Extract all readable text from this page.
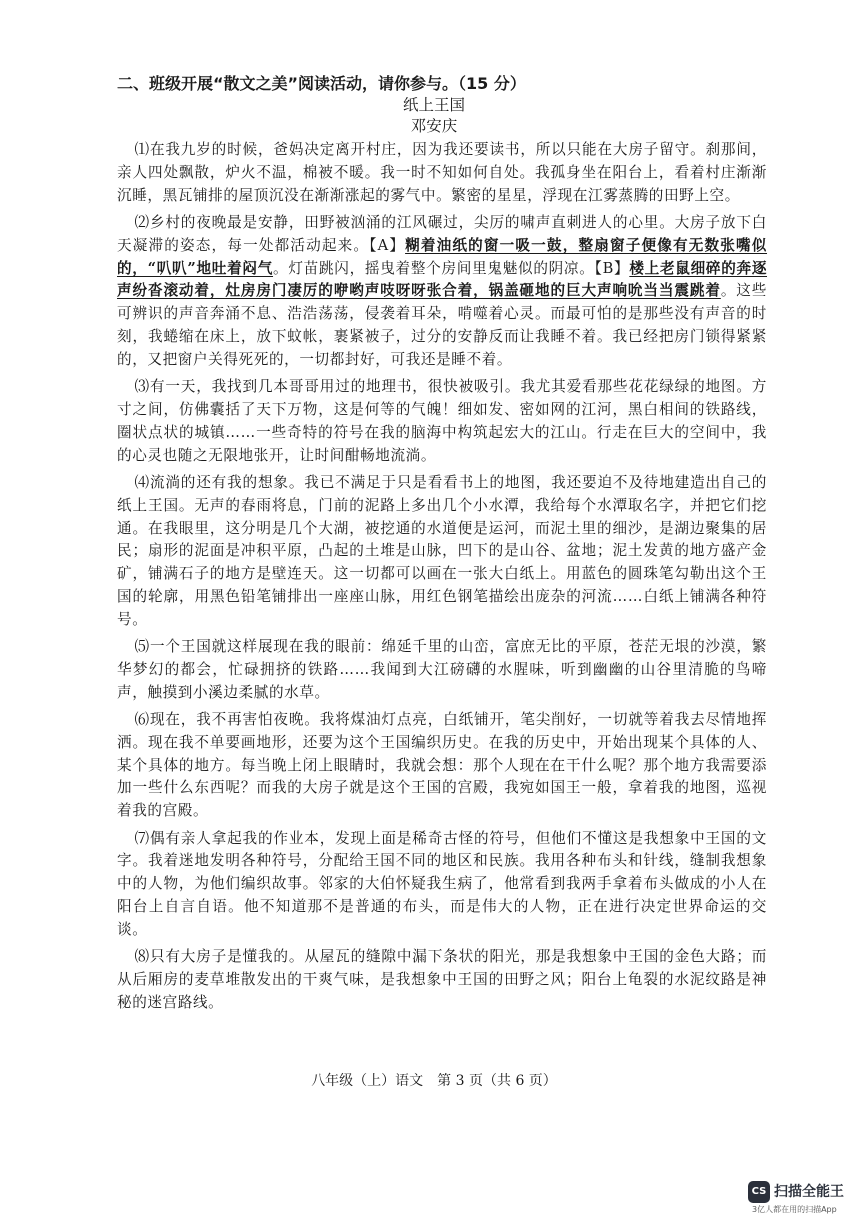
二、班级开展“散文之美”阅读活动，请你参与。（15 分）
纸上王国
邓安庆

⑴在我九岁的时候，爸妈决定离开村庄，因为我还要读书，所以只能在大房子留守。刹那间，亲人四处飘散，炉火不温，棉被不暖。我一时不知如何自处。我孤身坐在阳台上，看着村庄渐渐沉睡，黑瓦铺排的屋顶沉没在渐渐涨起的雾气中。繁密的星星，浮现在江雾蒸腾的田野上空。

⑵乡村的夜晚最是安静，田野被汹涌的江风碾过，尖厉的啸声直刺进人的心里。大房子放下白天凝滞的姿态，每一处都活动起来。【A】糊着油纸的窗一吸一鼓，整扇窗子便像有无数张嘴似的，“叭叭”地吐着闷气。灯苗跳闪，摇曳着整个房间里鬼魅似的阴凉。【B】楼上老鼠细碎的奔逐声纷沓滚动着，灶房房门凄厉的咿哟声吱呀呀张合着，锅盖砸地的巨大声响吮当当震跳着。这些可辨识的声音奔涌不息、浩浩荡荡，侵袭着耳朵，啃噬着心灵。而最可怕的是那些没有声音的时刻，我蜷缩在床上，放下蚊帐，裹紧被子，过分的安静反而让我睡不着。我已经把房门锁得紧紧的，又把窗户关得死死的，一切都封好，可我还是睡不着。

⑶有一天，我找到几本哥哥用过的地理书，很快被吸引。我尤其爱看那些花花绿绿的地图。方寸之间，仿佛囊括了天下万物，这是何等的气魄！细如发、密如网的江河，黑白相间的铁路线，圈状点状的城镇……一些奇特的符号在我的脑海中构筑起宏大的江山。行走在巨大的空间中，我的心灵也随之无限地张开，让时间酣畅地流淌。

⑷流淌的还有我的想象。我已不满足于只是看看书上的地图，我还要迫不及待地建造出自己的纸上王国。无声的春雨将息，门前的泥路上多出几个小水潭，我给每个水潭取名字，并把它们挖通。在我眼里，这分明是几个大湖，被挖通的水道便是运河，而泥土里的细沙，是湖边聚集的居民；扇形的泥面是冲积平原，凸起的土堆是山脉，凹下的是山谷、盆地；泥土发黄的地方盛产金矿，铺满石子的地方是壁连天。这一切都可以画在一张大白纸上。用蓝色的圆珠笔勾勒出这个王国的轮廓，用黑色铅笔铺排出一座座山脉，用红色钢笔描绘出庞杂的河流……白纸上铺满各种符号。

⑸一个王国就这样展现在我的眼前：绵延千里的山峦，富庶无比的平原，苍茫无垠的沙漠，繁华梦幻的都会，忙碌拥挤的铁路……我闻到大江磅礴的水腥味，听到幽幽的山谷里清脆的鸟啼声，触摸到小溪边柔腻的水草。

⑹现在，我不再害怕夜晚。我将煤油灯点亮，白纸铺开，笔尖削好，一切就等着我去尽情地挥洒。现在我不单要画地形，还要为这个王国编织历史。在我的历史中，开始出现某个具体的人、某个具体的地方。每当晚上闭上眼睛时，我就会想：那个人现在在干什么呢？那个地方我需要添加一些什么东西呢？而我的大房子就是这个王国的宫殿，我宛如国王一般，拿着我的地图，巡视着我的宫殿。

⑺偶有亲人拿起我的作业本，发现上面是稀奇古怪的符号，但他们不懂这是我想象中王国的文字。我着迷地发明各种符号，分配给王国不同的地区和民族。我用各种布头和针线，缝制我想象中的人物，为他们编织故事。邻家的大伯怀疑我生病了，他常看到我两手拿着布头做成的小人在阳台上自言自语。他不知道那不是普通的布头，而是伟大的人物，正在进行决定世界命运的交谈。

⑻只有大房子是懂我的。从屋瓦的缝隙中漏下条状的阳光，那是我想象中王国的金色大路；而从后厢房的麦草堆散发出的干爽气味，是我想象中王国的田野之风；阳台上龟裂的水泥纹路是神秘的迷宫路线。

八年级（上）语文　第 3 页（共 6 页）
CS 扫描全能王
3亿人都在用的扫描App
